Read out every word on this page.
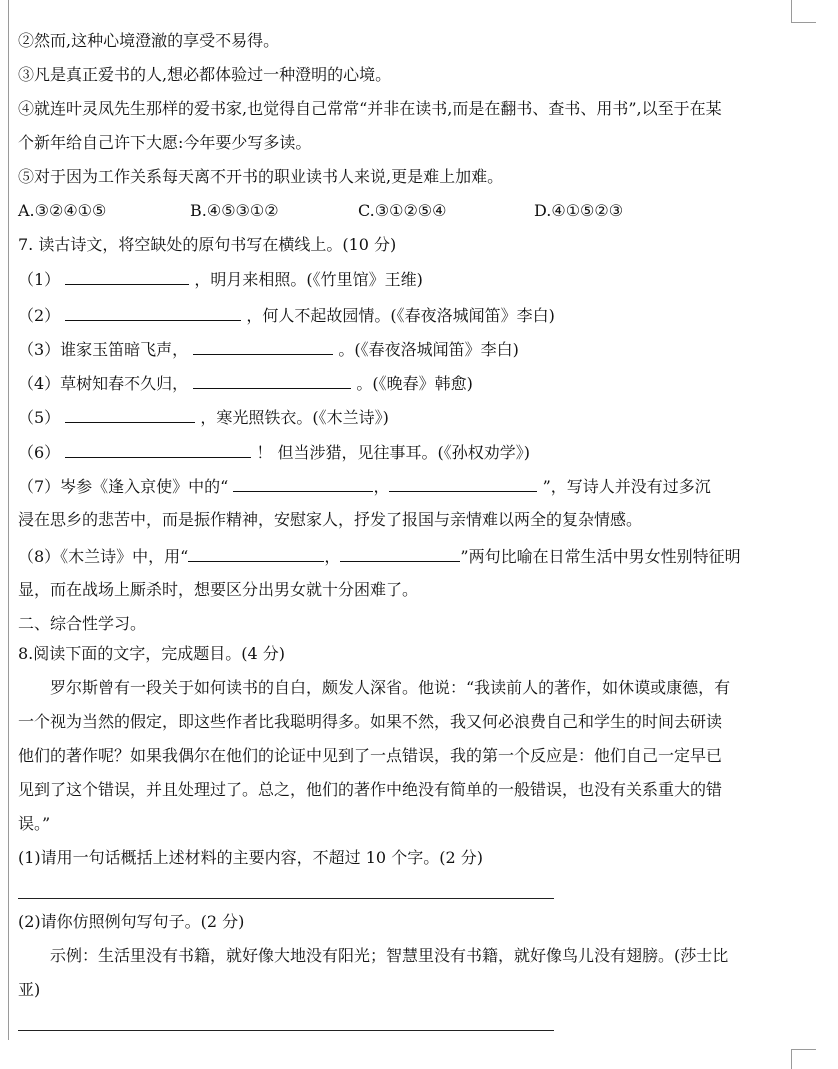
②然而,这种心境澄澈的享受不易得。
③凡是真正爱书的人,想必都体验过一种澄明的心境。
④就连叶灵凤先生那样的爱书家,也觉得自己常常“并非在读书,而是在翻书、查书、用书”,以至于在某
个新年给自己许下大愿:今年要少写多读。
⑤对于因为工作关系每天离不开书的职业读书人来说,更是难上加难。
A.③②④①⑤	B.④⑤③①②	C.③①②⑤④	D.④①⑤②③
7. 读古诗文，将空缺处的原句书写在横线上。(10 分)
（1）	，明月来相照。(《竹里馆》王维)
（2）	，何人不起故园情。(《春夜洛城闻笛》李白)
（3）谁家玉笛暗飞声，	。(《春夜洛城闻笛》李白)
（4）草树知春不久归，	。(《晚春》韩愈)
（5）	，寒光照铁衣。(《木兰诗》)
（6）	！ 但当涉猎，见往事耳。(《孙权劝学》)
（7）岑参《逢入京使》中的“	，	”，写诗人并没有过多沉
浸在思乡的悲苦中，而是振作精神，安慰家人，抒发了报国与亲情难以两全的复杂情感。
（8）《木兰诗》中，用“	，	”两句比喻在日常生活中男女性别特征明
显，而在战场上厮杀时，想要区分出男女就十分困难了。
二、综合性学习。
8.阅读下面的文字，完成题目。(4 分)
罗尔斯曾有一段关于如何读书的自白，颇发人深省。他说：“我读前人的著作，如休谟或康德，有
一个视为当然的假定，即这些作者比我聪明得多。如果不然，我又何必浪费自己和学生的时间去研读
他们的著作呢？如果我偶尔在他们的论证中见到了一点错误，我的第一个反应是：他们自己一定早已
见到了这个错误，并且处理过了。总之，他们的著作中绝没有简单的一般错误，也没有关系重大的错
误。”
(1)请用一句话概括上述材料的主要内容，不超过 10 个字。(2 分)
(2)请你仿照例句写句子。(2 分)
示例：生活里没有书籍，就好像大地没有阳光；智慧里没有书籍，就好像鸟儿没有翅膀。(莎士比
亚)
